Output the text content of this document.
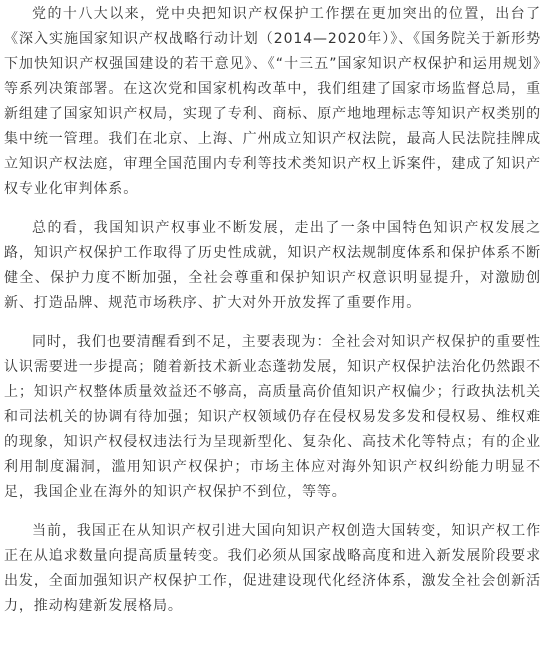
党的十八大以来，党中央把知识产权保护工作摆在更加突出的位置，出台了《深入实施国家知识产权战略行动计划（2014—2020年）》、《国务院关于新形势下加快知识产权强国建设的若干意见》、《“十三五”国家知识产权保护和运用规划》等系列决策部署。在这次党和国家机构改革中，我们组建了国家市场监督总局，重新组建了国家知识产权局，实现了专利、商标、原产地地理标志等知识产权类别的集中统一管理。我们在北京、上海、广州成立知识产权法院，最高人民法院挂牌成立知识产权法庭，审理全国范围内专利等技术类知识产权上诉案件，建成了知识产权专业化审判体系。

总的看，我国知识产权事业不断发展，走出了一条中国特色知识产权发展之路，知识产权保护工作取得了历史性成就，知识产权法规制度体系和保护体系不断健全、保护力度不断加强，全社会尊重和保护知识产权意识明显提升，对激励创新、打造品牌、规范市场秩序、扩大对外开放发挥了重要作用。

同时，我们也要清醒看到不足，主要表现为：全社会对知识产权保护的重要性认识需要进一步提高；随着新技术新业态蓬勃发展，知识产权保护法治化仍然跟不上；知识产权整体质量效益还不够高，高质量高价值知识产权偏少；行政执法机关和司法机关的协调有待加强；知识产权领域仍存在侵权易发多发和侵权易、维权难的现象，知识产权侵权违法行为呈现新型化、复杂化、高技术化等特点；有的企业利用制度漏洞，滥用知识产权保护；市场主体应对海外知识产权纠纷能力明显不足，我国企业在海外的知识产权保护不到位，等等。

当前，我国正在从知识产权引进大国向知识产权创造大国转变，知识产权工作正在从追求数量向提高质量转变。我们必须从国家战略高度和进入新发展阶段要求出发，全面加强知识产权保护工作，促进建设现代化经济体系，激发全社会创新活力，推动构建新发展格局。
